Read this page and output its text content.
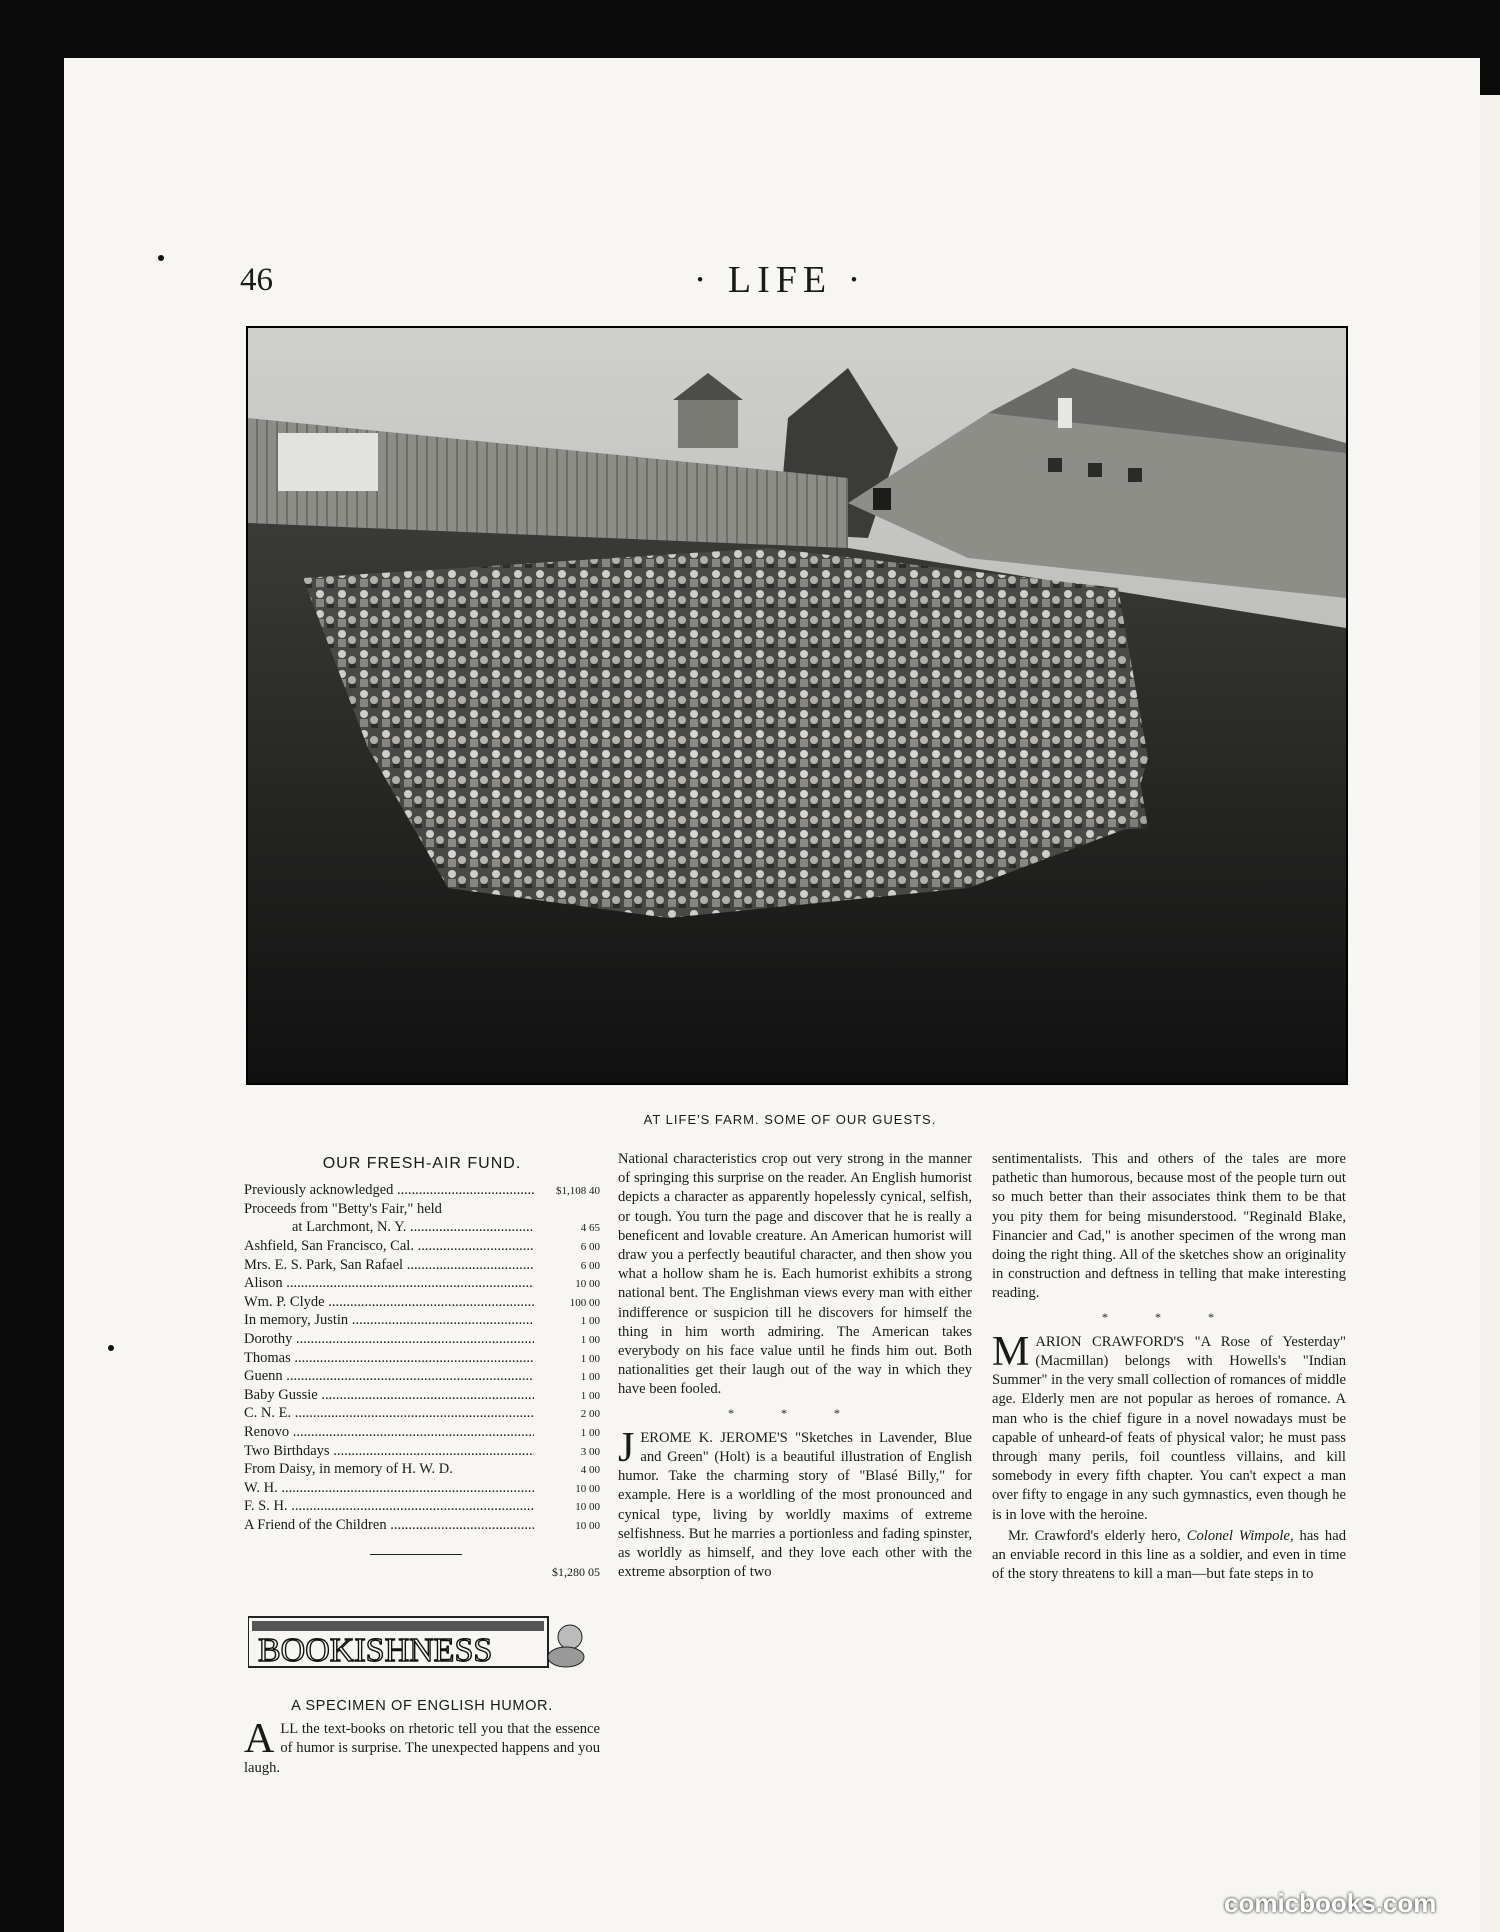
46	· LIFE ·
AT LIFE'S FARM. SOME OF OUR GUESTS.
OUR FRESH-AIR FUND.
Previously acknowledged .....	$1,108 40
Proceeds from "Betty's Fair," held
at Larchmont, N. Y. .....	4 65
Ashfield, San Francisco, Cal. .....	6 00
Mrs. E. S. Park, San Rafael .....	6 00
Alison .....	10 00
Wm. P. Clyde .....	100 00
In memory, Justin .....	1 00
Dorothy .....	1 00
Thomas .....	1 00
Guenn .....	1 00
Baby Gussie .....	1 00
C. N. E. .....	2 00
Renovo .....	1 00
Two Birthdays .....	3 00
From Daisy, in memory of H. W. D.	4 00
W. H. .....	10 00
F. S. H. .....	10 00
A Friend of the Children .....	10 00
$1,280 05
BOOKISHNESS
A SPECIMEN OF ENGLISH HUMOR.

ALL the text-books on rhetoric tell you that the essence of humor is surprise. The unexpected happens and you laugh.

National characteristics crop out very strong in the manner of springing this surprise on the reader. An English humorist depicts a character as apparently hopelessly cynical, selfish, or tough. You turn the page and discover that he is really a beneficent and lovable creature. An American humorist will draw you a perfectly beautiful character, and then show you what a hollow sham he is. Each humorist exhibits a strong national bent. The Englishman views every man with either indifference or suspicion till he discovers for himself the thing in him worth admiring. The American takes everybody on his face value until he finds him out. Both nationalities get their laugh out of the way in which they have been fooled.

* * *

JEROME K. JEROME'S "Sketches in Lavender, Blue and Green" (Holt) is a beautiful illustration of English humor. Take the charming story of "Blasé Billy," for example. Here is a worldling of the most pronounced and cynical type, living by worldly maxims of extreme selfishness. But he marries a portionless and fading spinster, as worldly as himself, and they love each other with the extreme absorption of two

sentimentalists. This and others of the tales are more pathetic than humorous, because most of the people turn out so much better than their associates think them to be that you pity them for being misunderstood. "Reginald Blake, Financier and Cad," is another specimen of the wrong man doing the right thing. All of the sketches show an originality in construction and deftness in telling that make interesting reading.

* * *

MARION CRAWFORD'S "A Rose of Yesterday" (Macmillan) belongs with Howells's "Indian Summer" in the very small collection of romances of middle age. Elderly men are not popular as heroes of romance. A man who is the chief figure in a novel nowadays must be capable of unheard-of feats of physical valor; he must pass through many perils, foil countless villains, and kill somebody in every fifth chapter. You can't expect a man over fifty to engage in any such gymnastics, even though he is in love with the heroine.

Mr. Crawford's elderly hero, Colonel Wimpole, has had an enviable record in this line as a soldier, and even in time of the story threatens to kill a man—but fate steps in to

comicbooks.com
